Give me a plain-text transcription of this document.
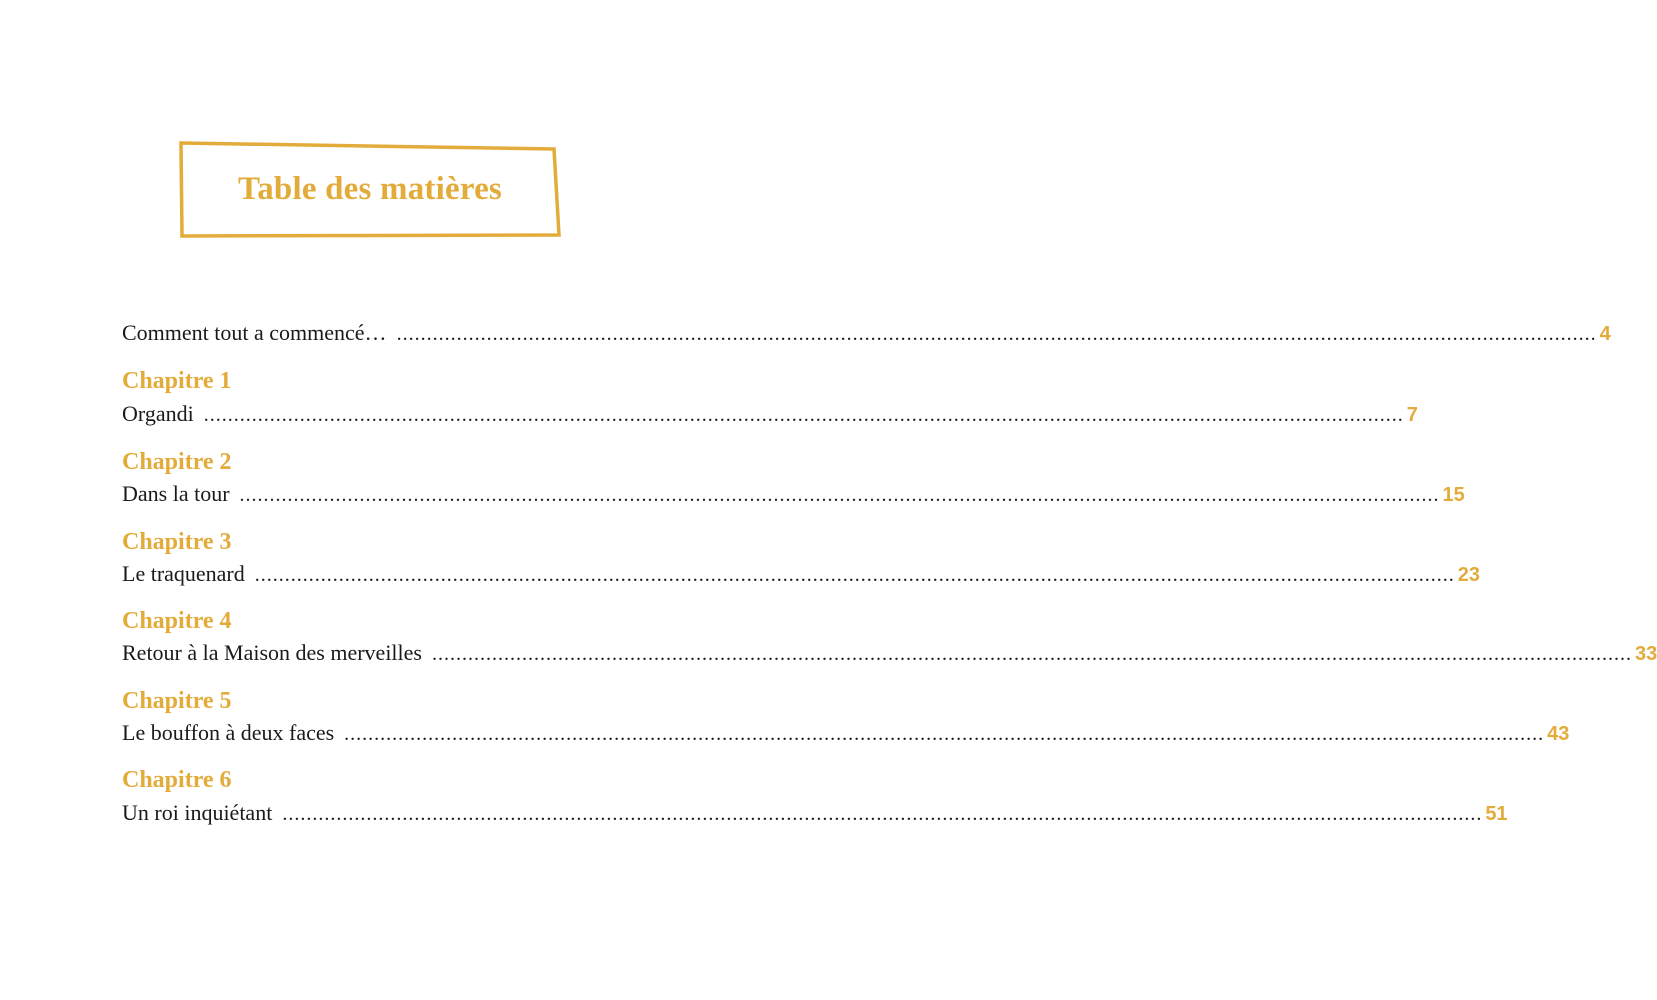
Table des matières
Comment tout a commencé… ........................................................................................................................................................................................................ 4
Chapitre 1
Organdi ........................................................................................................................................................................................................ 7
Chapitre 2
Dans la tour ........................................................................................................................................................................................................ 15
Chapitre 3
Le traquenard ........................................................................................................................................................................................................ 23
Chapitre 4
Retour à la Maison des merveilles ........................................................................................................................................................................................................ 33
Chapitre 5
Le bouffon à deux faces ........................................................................................................................................................................................................ 43
Chapitre 6
Un roi inquiétant ........................................................................................................................................................................................................ 51
